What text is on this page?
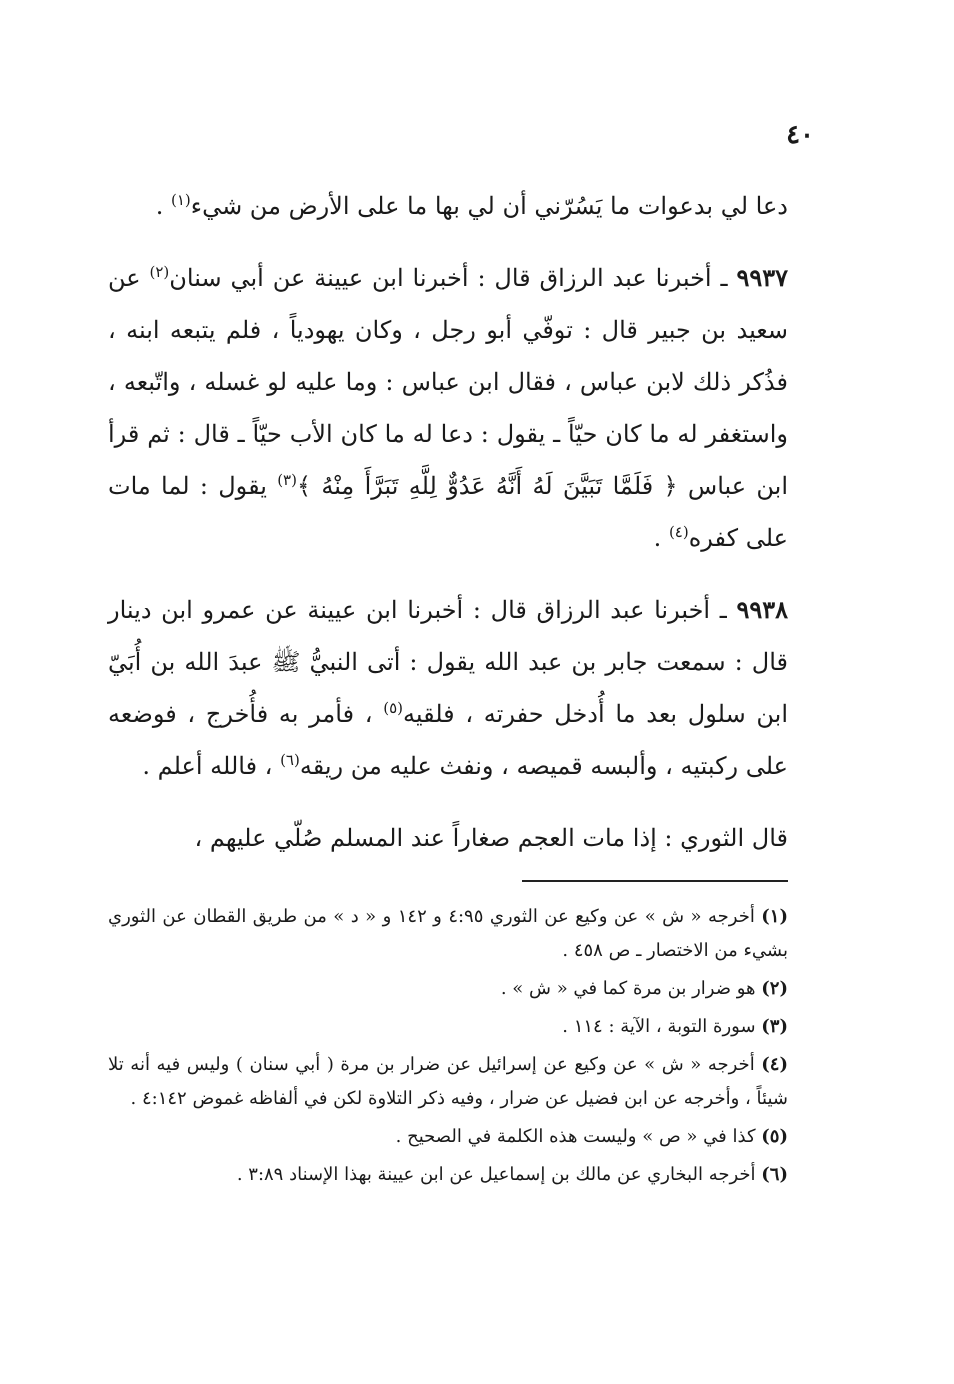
٤٠

دعا لي بدعوات ما يَسُرّني أن لي بها ما على الأرض من شيء$^{(١)}$ .

٩٩٣٧ ـ أخبرنا عبد الرزاق قال : أخبرنا ابن عيينة عن أبي سنان$^{(٢)}$ عن سعيد بن جبير قال : توفّي أبو رجل ، وكان يهودياً ، فلم يتبعه ابنه ، فذُكر ذلك لابن عباس ، فقال ابن عباس : وما عليه لو غسله ، واتّبعه ، واستغفر له ما كان حيّاً ـ يقول : دعا له ما كان الأب حيّاً ـ قال : ثم قرأ ابن عباس ﴿ فَلَمَّا تَبَيَّنَ لَهُ أَنَّهُ عَدُوٌّ لِلَّهِ تَبَرَّأَ مِنْهُ ﴾$^{(٣)}$ يقول : لما مات على كفره$^{(٤)}$ .

٩٩٣٨ ـ أخبرنا عبد الرزاق قال : أخبرنا ابن عيينة عن عمرو ابن دينار قال : سمعت جابر بن عبد الله يقول : أتى النبيُّ ﷺ عبدَ الله بن أُبَيّ ابن سلول بعد ما أُدخل حفرته ، فلقيه$^{(٥)}$ ، فأمر به فأُخرج ، فوضعه على ركبتيه ، وألبسه قميصه ، ونفث عليه من ريقه$^{(٦)}$ ، فالله أعلم .

قال الثوري : إذا مات العجم صغاراً عند المسلم صُلّي عليهم ،

(١) أخرجه « ش » عن وكيع عن الثوري ٤:٩٥ و ١٤٢ و « د » من طريق القطان عن الثوري بشيء من الاختصار ـ ص ٤٥٨ .

(٢) هو ضرار بن مرة كما في « ش » .

(٣) سورة التوبة ، الآية : ١١٤ .

(٤) أخرجه « ش » عن وكيع عن إسرائيل عن ضرار بن مرة ( أبي سنان ) وليس فيه أنه تلا شيئاً ، وأخرجه عن ابن فضيل عن ضرار ، وفيه ذكر التلاوة لكن في ألفاظه غموض ٤:١٤٢ .

(٥) كذا في « ص » وليست هذه الكلمة في الصحيح .

(٦) أخرجه البخاري عن مالك بن إسماعيل عن ابن عيينة بهذا الإسناد ٣:٨٩ .
